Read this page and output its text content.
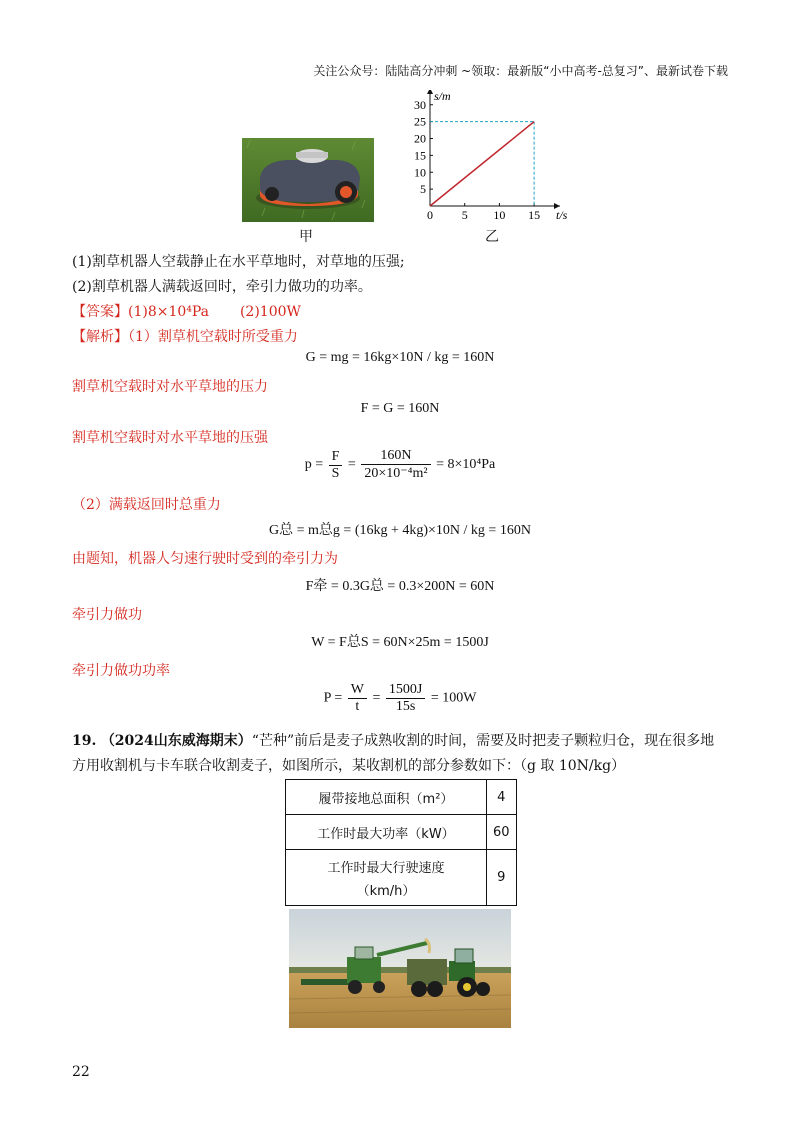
关注公众号：陆陆高分冲刺 ~领取：最新版“小中高考-总复习”、最新试卷下载
甲
5
10
15
20
25
30
0 5 10 15
s/m
t/s
乙
(1)割草机器人空载静止在水平草地时，对草地的压强;
(2)割草机器人满载返回时，牵引力做功的功率。
【答案】(1)8×10⁴Pa (2)100W
【解析】（1）割草机空载时所受重力
G = mg = 16kg×10N / kg = 160N
割草机空载时对水平草地的压力
F = G = 160N
割草机空载时对水平草地的压强
$p = \frac{F}{S} = \frac{160N}{\text{20×10⁻⁴m²}} = 8\times 10^4Pa$
（2）满载返回时总重力
G总 = m总g = (16kg + 4kg)×10N / kg = 160N
由题知，机器人匀速行驶时受到的牵引力为
F牵 = 0.3G总 = 0.3×200N = 60N
牵引力做功
W = F总S = 60N×25m = 1500J
牵引力做功功率
$P = \frac{W}{t} = \frac{1500J}{15s} = 100W$
19. （2024山东威海期末）“芒种”前后是麦子成熟收割的时间，需要及时把麦子颗粒归仓，现在很多地
方用收割机与卡车联合收割麦子，如图所示，某收割机的部分参数如下：（g 取 10N/kg）
履带接地总面积（m²）	4
工作时最大功率（kW）	60

工作时最大行驶速度
（km/h）	9
22
